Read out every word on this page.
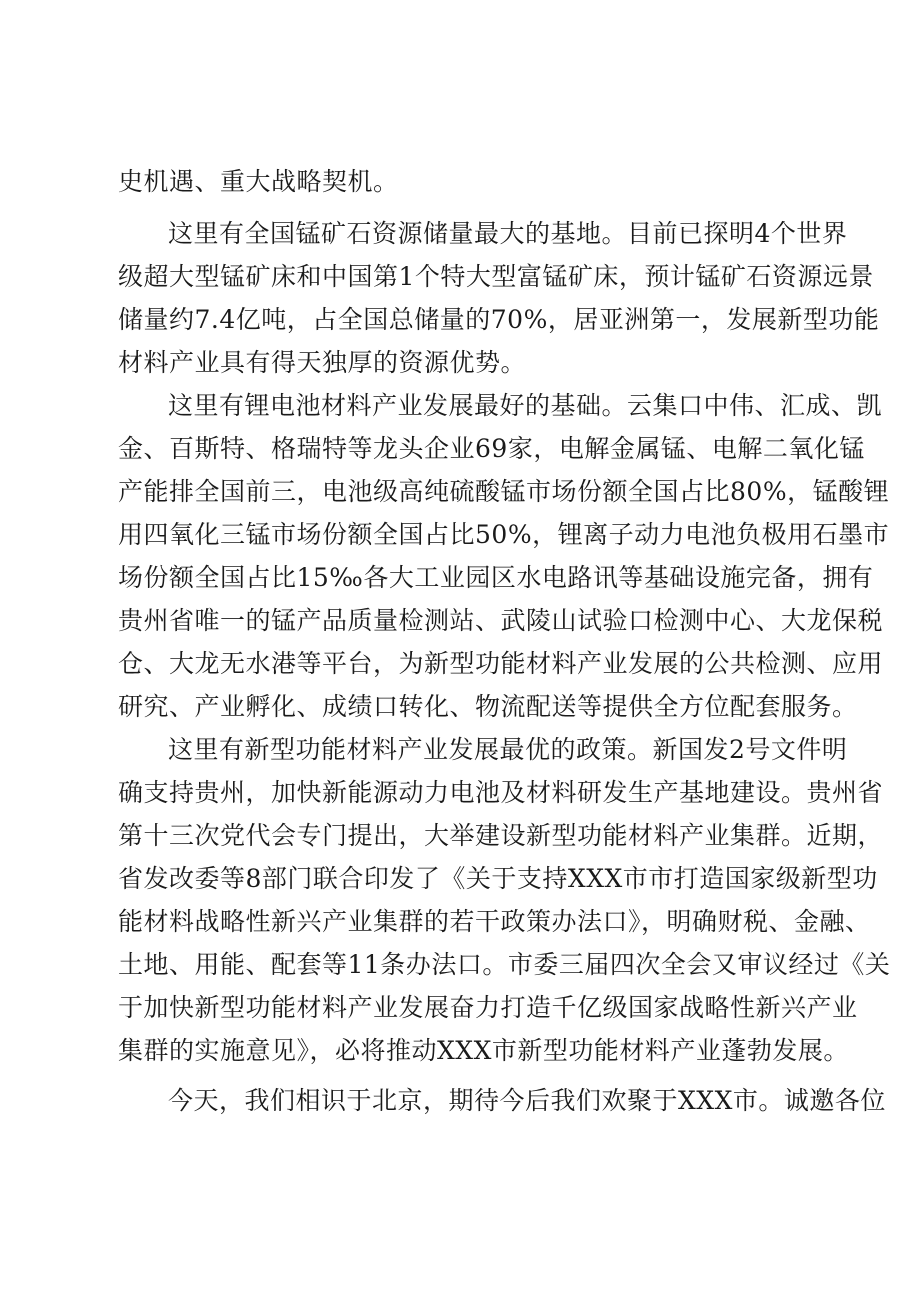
史机遇、重大战略契机。
这里有全国锰矿石资源储量最大的基地。目前已探明4个世界
级超大型锰矿床和中国第1个特大型富锰矿床，预计锰矿石资源远景
储量约7.4亿吨，占全国总储量的70%，居亚洲第一，发展新型功能
材料产业具有得天独厚的资源优势。
这里有锂电池材料产业发展最好的基础。云集口中伟、汇成、凯
金、百斯特、格瑞特等龙头企业69家，电解金属锰、电解二氧化锰
产能排全国前三，电池级高纯硫酸锰市场份额全国占比80%，锰酸锂
用四氧化三锰市场份额全国占比50%，锂离子动力电池负极用石墨市
场份额全国占比15‰各大工业园区水电路讯等基础设施完备，拥有
贵州省唯一的锰产品质量检测站、武陵山试验口检测中心、大龙保税
仓、大龙无水港等平台，为新型功能材料产业发展的公共检测、应用
研究、产业孵化、成绩口转化、物流配送等提供全方位配套服务。
这里有新型功能材料产业发展最优的政策。新国发2号文件明
确支持贵州，加快新能源动力电池及材料研发生产基地建设。贵州省
第十三次党代会专门提出，大举建设新型功能材料产业集群。近期，
省发改委等8部门联合印发了《关于支持XXX市市打造国家级新型功
能材料战略性新兴产业集群的若干政策办法口》，明确财税、金融、
土地、用能、配套等11条办法口。市委三届四次全会又审议经过《关
于加快新型功能材料产业发展奋力打造千亿级国家战略性新兴产业
集群的实施意见》，必将推动XXX市新型功能材料产业蓬勃发展。
今天，我们相识于北京，期待今后我们欢聚于XXX市。诚邀各位
